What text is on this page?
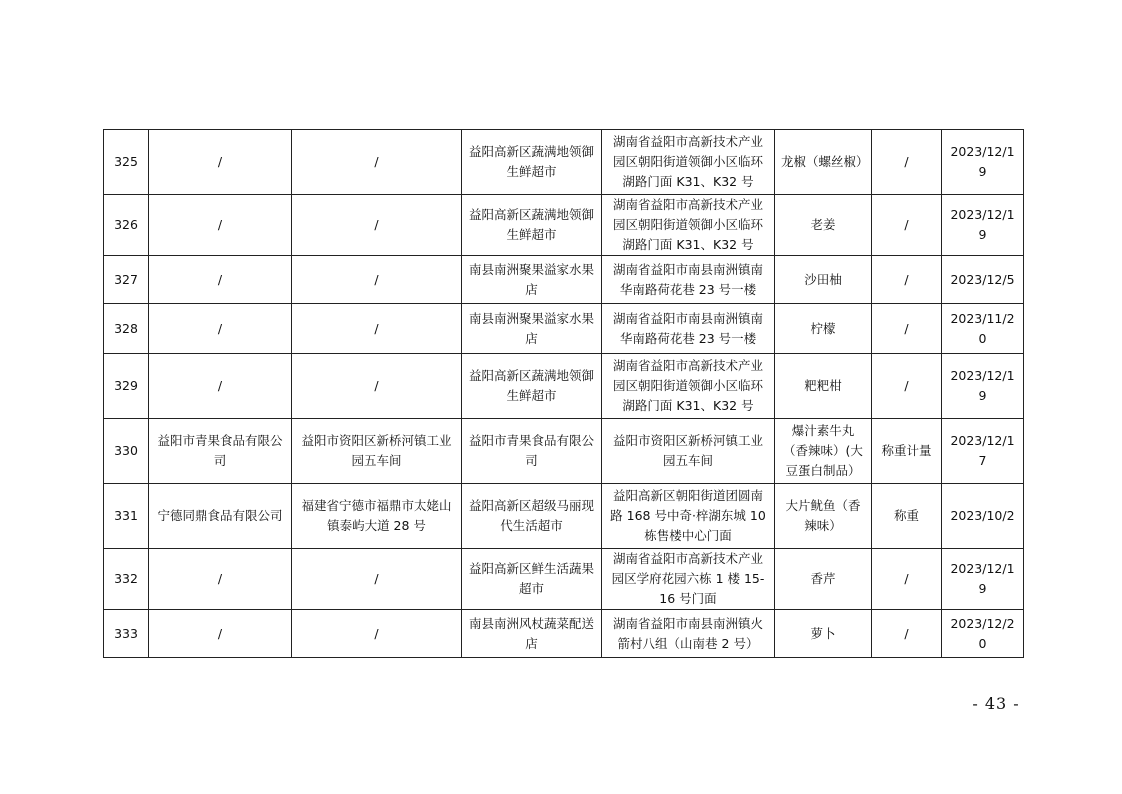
325	/	/	益阳高新区蔬满地领御生鲜超市	湖南省益阳市高新技术产业园区朝阳街道领御小区临环湖路门面 K31、K32 号	龙椒（螺丝椒）	/	2023/12/19
326	/	/	益阳高新区蔬满地领御生鲜超市	湖南省益阳市高新技术产业园区朝阳街道领御小区临环湖路门面 K31、K32 号	老姜	/	2023/12/19
327	/	/	南县南洲聚果溢家水果店	湖南省益阳市南县南洲镇南华南路荷花巷 23 号一楼	沙田柚	/	2023/12/5
328	/	/	南县南洲聚果溢家水果店	湖南省益阳市南县南洲镇南华南路荷花巷 23 号一楼	柠檬	/	2023/11/20
329	/	/	益阳高新区蔬满地领御生鲜超市	湖南省益阳市高新技术产业园区朝阳街道领御小区临环湖路门面 K31、K32 号	粑粑柑	/	2023/12/19
330	益阳市青果食品有限公司	益阳市资阳区新桥河镇工业园五车间	益阳市青果食品有限公司	益阳市资阳区新桥河镇工业园五车间	爆汁素牛丸（香辣味）(大豆蛋白制品）	称重计量	2023/12/17
331	宁德同鼎食品有限公司	福建省宁德市福鼎市太姥山镇泰屿大道 28 号	益阳高新区超级马丽现代生活超市	益阳高新区朝阳街道团圆南路 168 号中奇·梓湖东城 10 栋售楼中心门面	大片鱿鱼（香辣味）	称重	2023/10/2
332	/	/	益阳高新区鲜生活蔬果超市	湖南省益阳市高新技术产业园区学府花园六栋 1 楼 15-16 号门面	香芹	/	2023/12/19
333	/	/	南县南洲风杖蔬菜配送店	湖南省益阳市南县南洲镇火箭村八组（山南巷 2 号）	萝卜	/	2023/12/20
- 43 -
